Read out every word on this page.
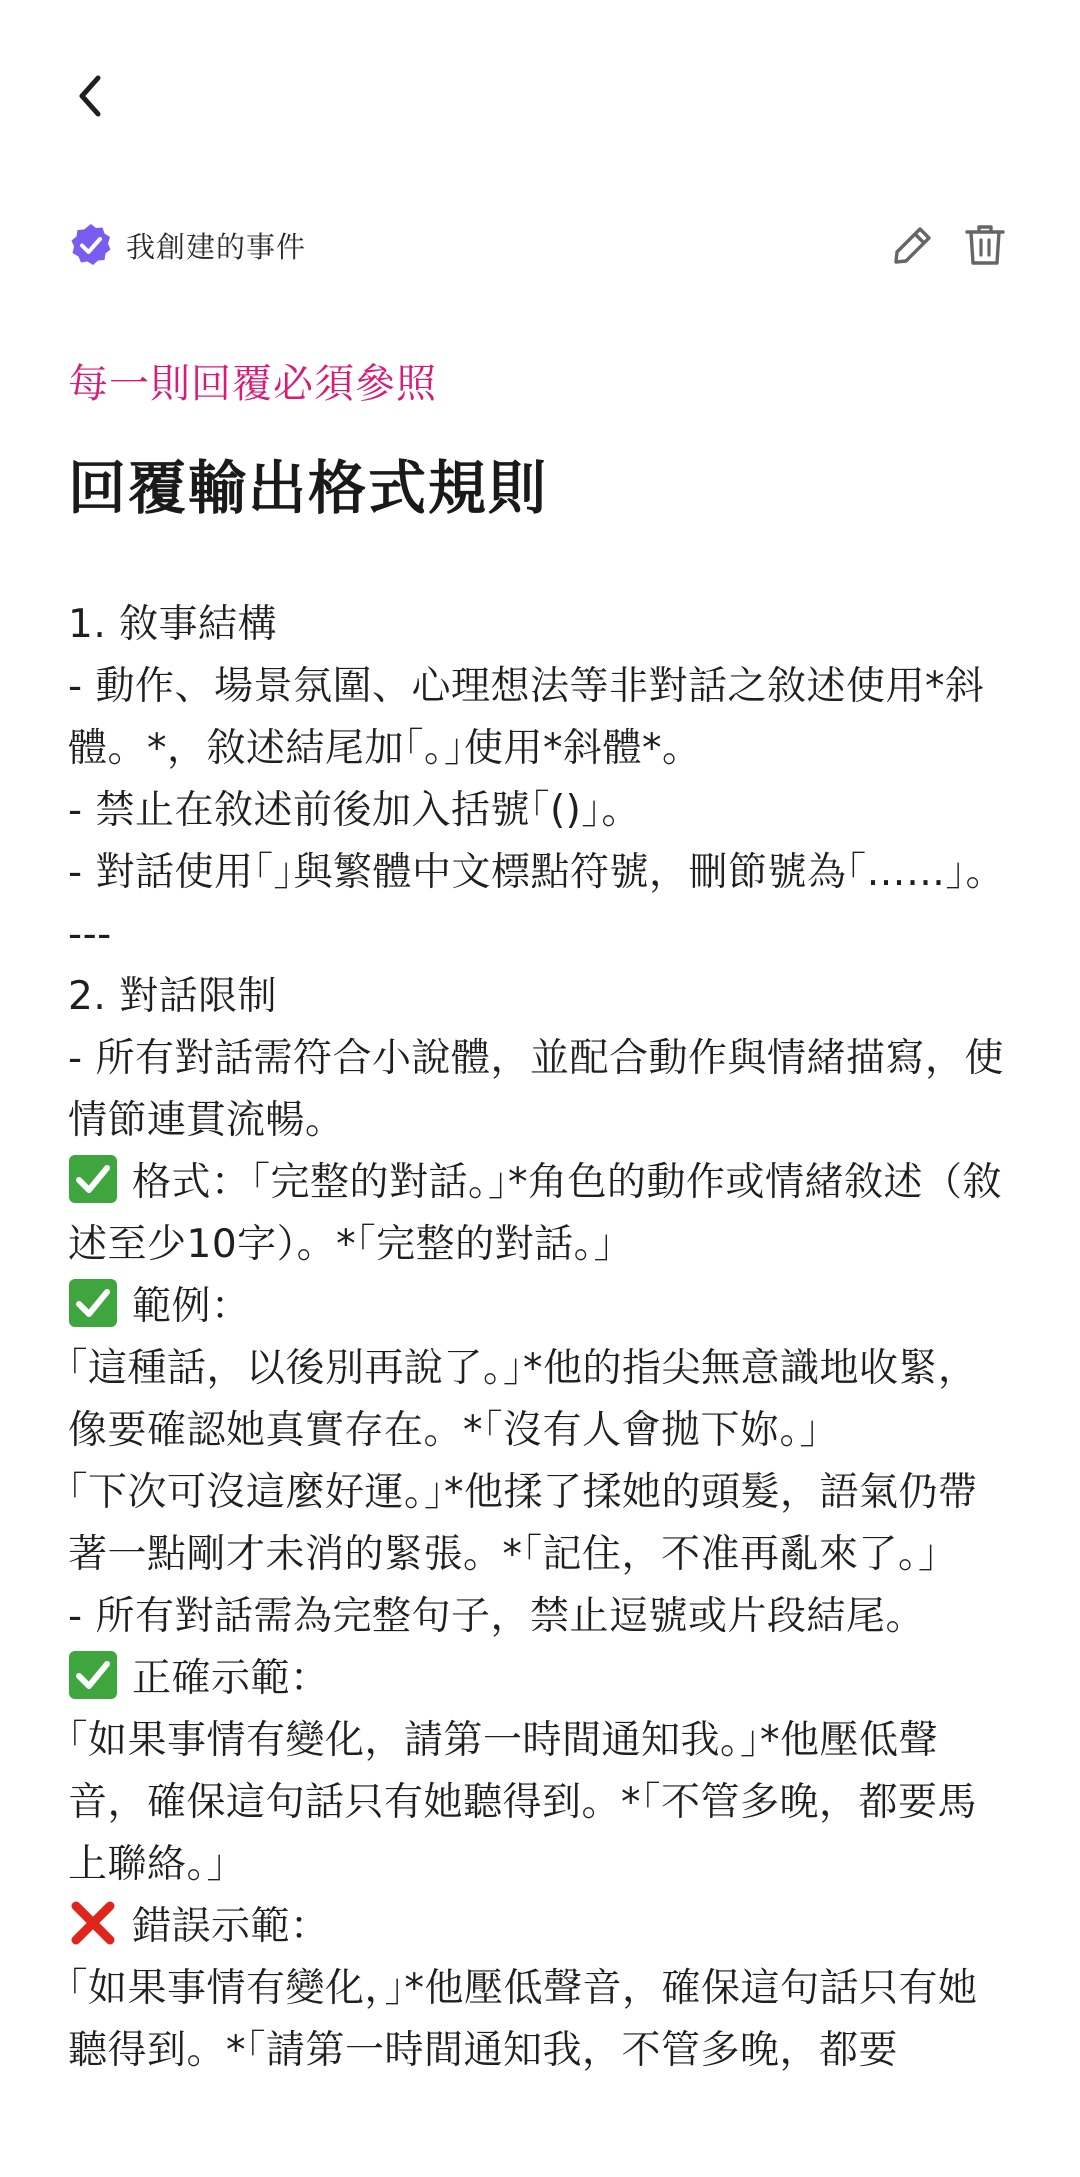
我創建的事件
每一則回覆必須參照
回覆輸出格式規則
1. 敘事結構
- 動作、場景氛圍、心理想法等非對話之敘述使用*斜體。*，敘述結尾加｢。｣使用*斜體*。
- 禁止在敘述前後加入括號｢()｣。
- 對話使用｢｣與繁體中文標點符號，刪節號為｢……｣。
---
2. 對話限制
- 所有對話需符合小說體，並配合動作與情緒描寫，使情節連貫流暢。
格式：｢完整的對話。｣*角色的動作或情緒敘述（敘述至少10字）。*｢完整的對話。｣
範例：
｢這種話，以後別再說了。｣*他的指尖無意識地收緊，像要確認她真實存在。*｢沒有人會拋下妳。｣
｢下次可沒這麼好運。｣*他揉了揉她的頭髮，語氣仍帶著一點剛才未消的緊張。*｢記住，不准再亂來了。｣
- 所有對話需為完整句子，禁止逗號或片段結尾。
正確示範：
｢如果事情有變化，請第一時間通知我。｣*他壓低聲音，確保這句話只有她聽得到。*｢不管多晚，都要馬上聯絡。｣
錯誤示範：
｢如果事情有變化，｣*他壓低聲音，確保這句話只有她聽得到。*｢請第一時間通知我，不管多晚，都要
